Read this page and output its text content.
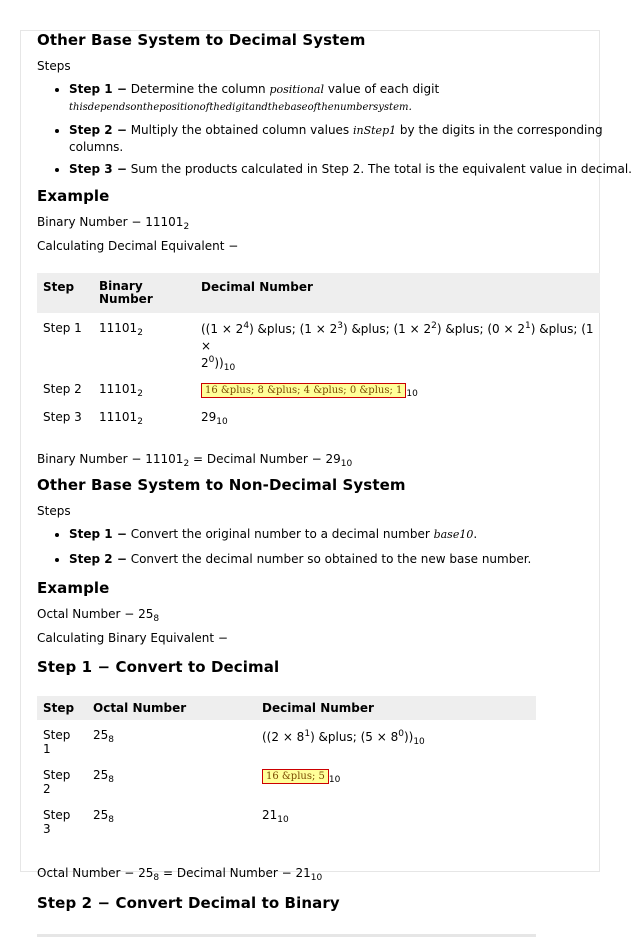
Other Base System to Decimal System

Steps

• Step 1 − Determine the column positional value of each digit
thisdependsonthepositionofthedigitandthebaseofthenumbersystem.
• Step 2 − Multiply the obtained column values inStep1 by the digits in the corresponding columns.
• Step 3 − Sum the products calculated in Step 2. The total is the equivalent value in decimal.
Example

Binary Number − $11101_2$

Calculating Decimal Equivalent −

Step	Binary Number	Decimal Number
Step 1	$11101_2$	($(1 \times 2^4)$ &plus; $(1 \times 2^3)$ &plus; $(1 \times 2^2)$ &plus; $(0 \times 2^1)$ &plus; (1 ×
$2^0))_{10}$
Step 2	$11101_2$	16 &plus; 8 &plus; 4 &plus; 0 &plus; 1 $_{10}$
Step 3	$11101_2$	$29_{10}$

Binary Number − $11101_2$ = Decimal Number − $29_{10}$

Other Base System to Non-Decimal System

Steps

• Step 1 − Convert the original number to a decimal number base10.
• Step 2 − Convert the decimal number so obtained to the new base number.
Example

Octal Number − $25_8$

Calculating Binary Equivalent −

Step 1 − Convert to Decimal
Step	Octal Number	Decimal Number
Step 1	$25_8$	($(2 \times 8^1)$ &plus; $(5 \times 8^0))_{10}$
Step 2	$25_8$	16 &plus; 5 $_{10}$
Step 3	$25_8$	$21_{10}$

Octal Number − $25_8$ = Decimal Number − $21_{10}$

Step 2 − Convert Decimal to Binary
